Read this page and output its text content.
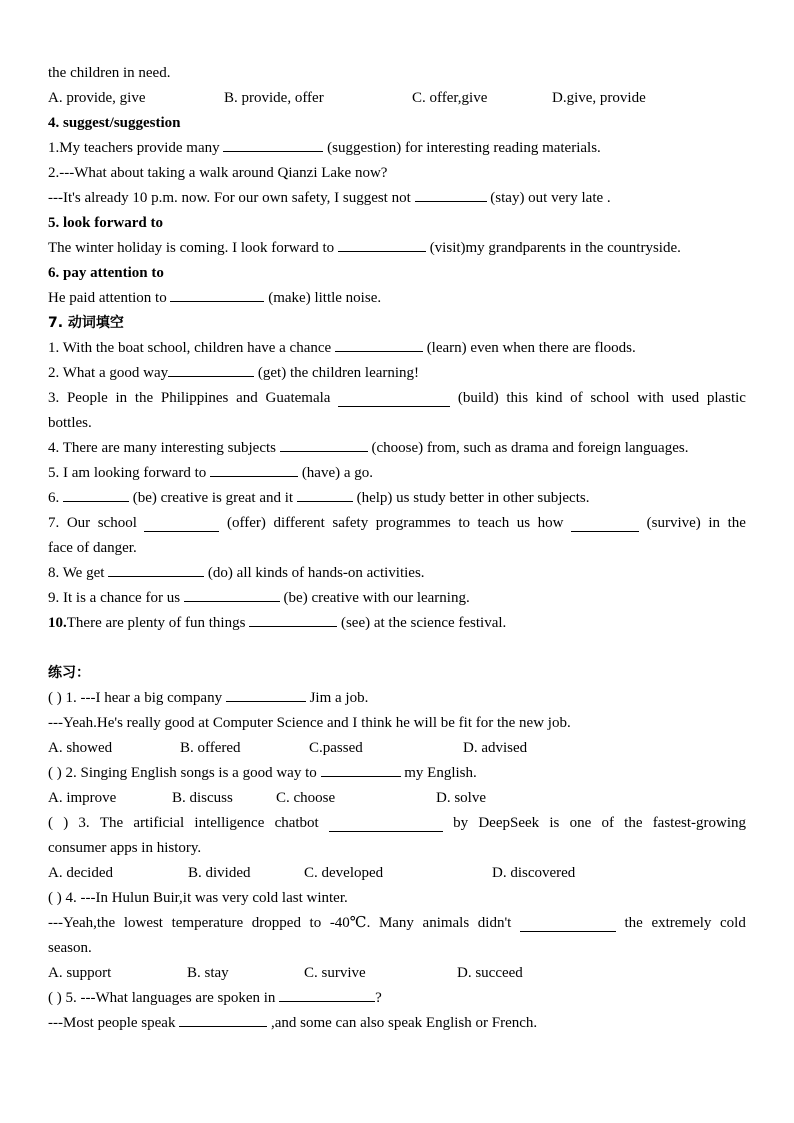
the children in need.
A. provide, give	B. provide, offer	C. offer,give	D.give, provide
4. suggest/suggestion
1.My teachers provide many	(suggestion) for interesting reading materials.
2.---What about taking a walk around Qianzi Lake now?
---It's already 10 p.m. now. For our own safety, I suggest not	(stay) out very late .
5. look forward to
The winter holiday is coming. I look forward to	(visit)my grandparents in the countryside.
6. pay attention to
He paid attention to	(make) little noise.
7. 动词填空
1. With the boat school, children have a chance	(learn) even when there are floods.
2. What a good way	(get) the children learning!
3. People in the Philippines and Guatemala	(build) this kind of school with used plastic
bottles.
4. There are many interesting subjects	(choose) from, such as drama and foreign languages.
5. I am looking forward to	(have) a go.
6.	(be) creative is great and it	(help) us study better in other subjects.
7. Our school	(offer) different safety programmes to teach us how	(survive) in the
face of danger.
8. We get	(do) all kinds of hands-on activities.
9. It is a chance for us	(be) creative with our learning.
10.There are plenty of fun things	(see) at the science festival.
练习：
( ) 1. ---I hear a big company	Jim a job.
---Yeah.He's really good at Computer Science and I think he will be fit for the new job.
A. showed	B. offered	C.passed	D. advised
( ) 2. Singing English songs is a good way to	my English.
A. improve	B. discuss	C. choose	D. solve
( ) 3. The artificial intelligence chatbot	by DeepSeek is one of the fastest-growing
consumer apps in history.
A. decided	B. divided	C. developed	D. discovered
( ) 4. ---In Hulun Buir,it was very cold last winter.
---Yeah,the lowest temperature dropped to -40℃. Many animals didn't	the extremely cold
season.
A. support	B. stay	C. survive	D. succeed
( ) 5. ---What languages are spoken in	?
---Most people speak	,and some can also speak English or French.
